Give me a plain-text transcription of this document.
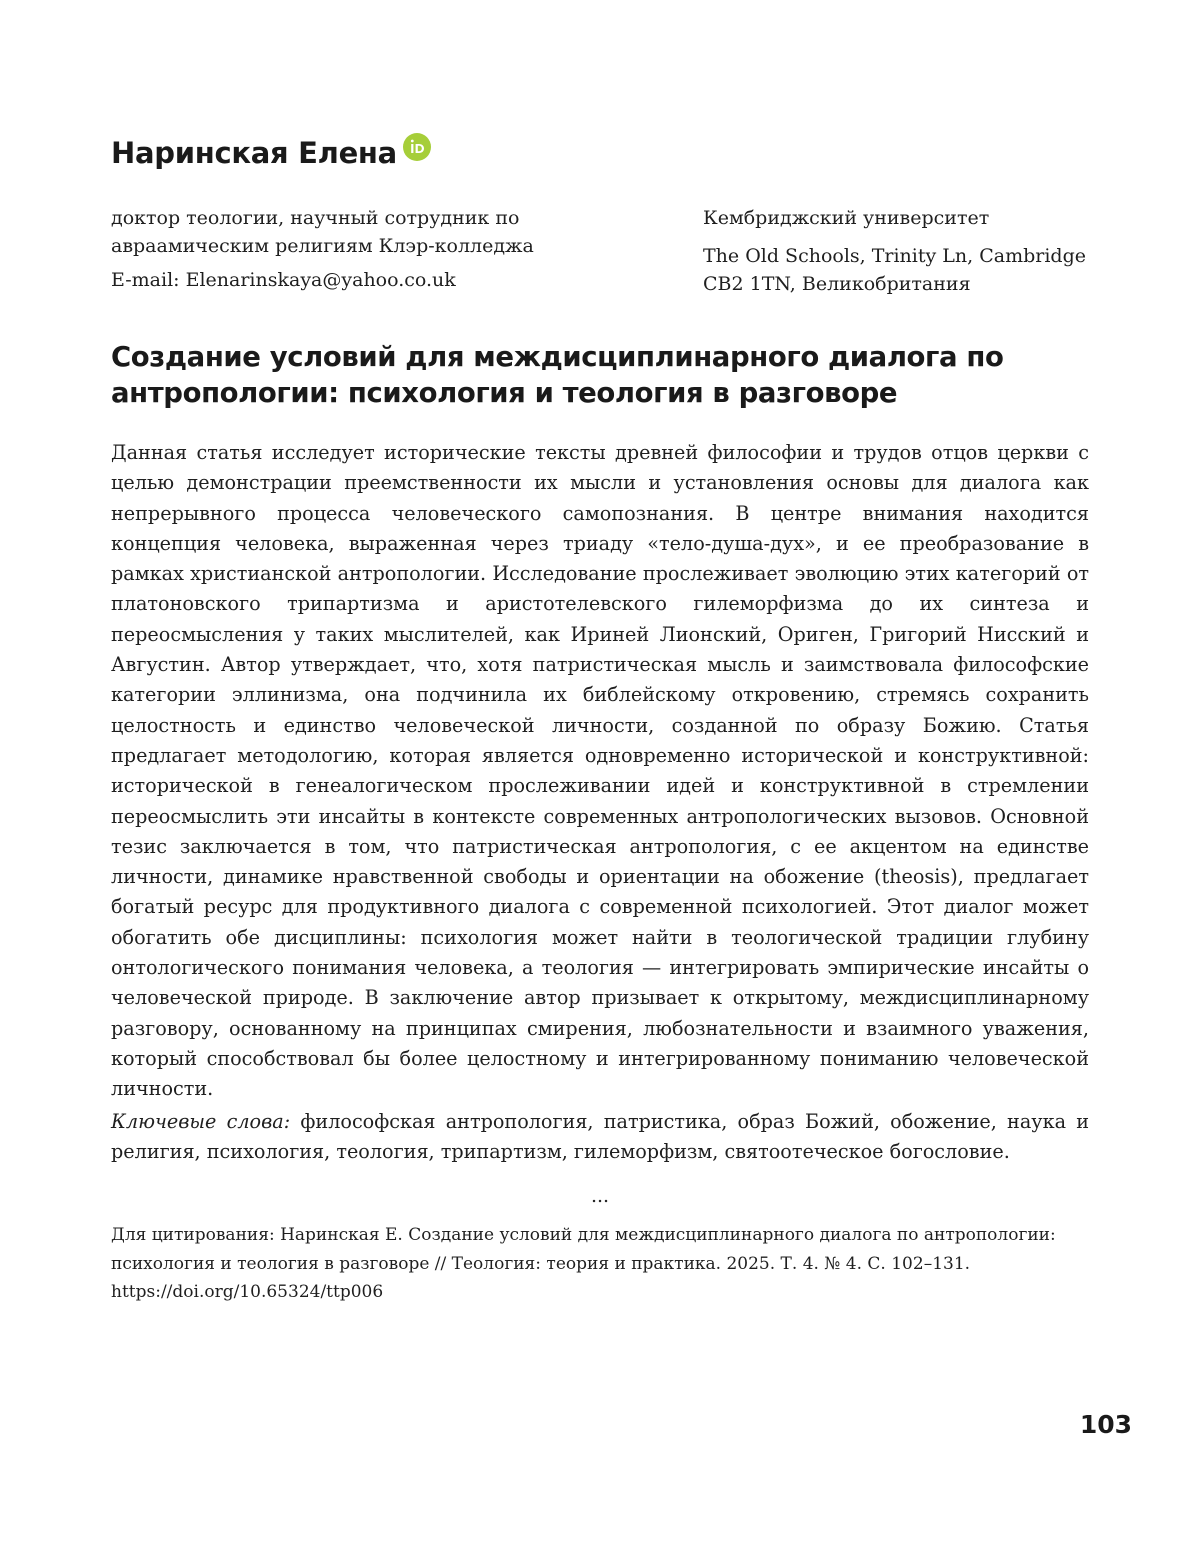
Наринская Елена

доктор теологии, научный сотрудник по

авраамическим религиям Клэр-колледжа

E-mail: Elenarinskaya@yahoo.co.uk

Кембриджский университет

The Old Schools, Trinity Ln, Cambridge

CB2 1TN, Великобритания

Создание условий для междисциплинарного диалога по антропологии: психология и теология в разговоре

Данная статья исследует исторические тексты древней философии и трудов отцов церкви с целью демонстрации преемственности их мысли и установления основы для диалога как непрерывного процесса человеческого самопознания. В центре внимания находится концепция человека, выраженная через триаду «тело-душа-дух», и ее преобразование в рамках христианской антропологии. Исследование прослеживает эволюцию этих категорий от платоновского трипартизма и аристотелевского гилеморфизма до их синтеза и переосмысления у таких мыслителей, как Ириней Лионский, Ориген, Григорий Нисский и Августин. Автор утверждает, что, хотя патристическая мысль и заимствовала философские категории эллинизма, она подчинила их библейскому откровению, стремясь сохранить целостность и единство человеческой личности, созданной по образу Божию. Статья предлагает методологию, которая является одновременно исторической и конструктивной: исторической в генеалогическом прослеживании идей и конструктивной в стремлении переосмыслить эти инсайты в контексте современных антропологических вызовов. Основной тезис заключается в том, что патристическая антропология, с ее акцентом на единстве личности, динамике нравственной свободы и ориентации на обожение (theosis), предлагает богатый ресурс для продуктивного диалога с современной психологией. Этот диалог может обогатить обе дисциплины: психология может найти в теологической традиции глубину онтологического понимания человека, а теология — интегрировать эмпирические инсайты о человеческой природе. В заключение автор призывает к открытому, междисциплинарному разговору, основанному на принципах смирения, любознательности и взаимного уважения, который способствовал бы более целостному и интегрированному пониманию человеческой личности.

Ключевые слова: философская антропология, патристика, образ Божий, обожение, наука и религия, психология, теология, трипартизм, гилеморфизм, святоотеческое богословие.

...

Для цитирования: Наринская Е. Создание условий для междисциплинарного диалога по антропологии: психология и теология в разговоре // Теология: теория и практика. 2025. Т. 4. № 4. С. 102–131. https://doi.org/10.65324/ttp006

103
